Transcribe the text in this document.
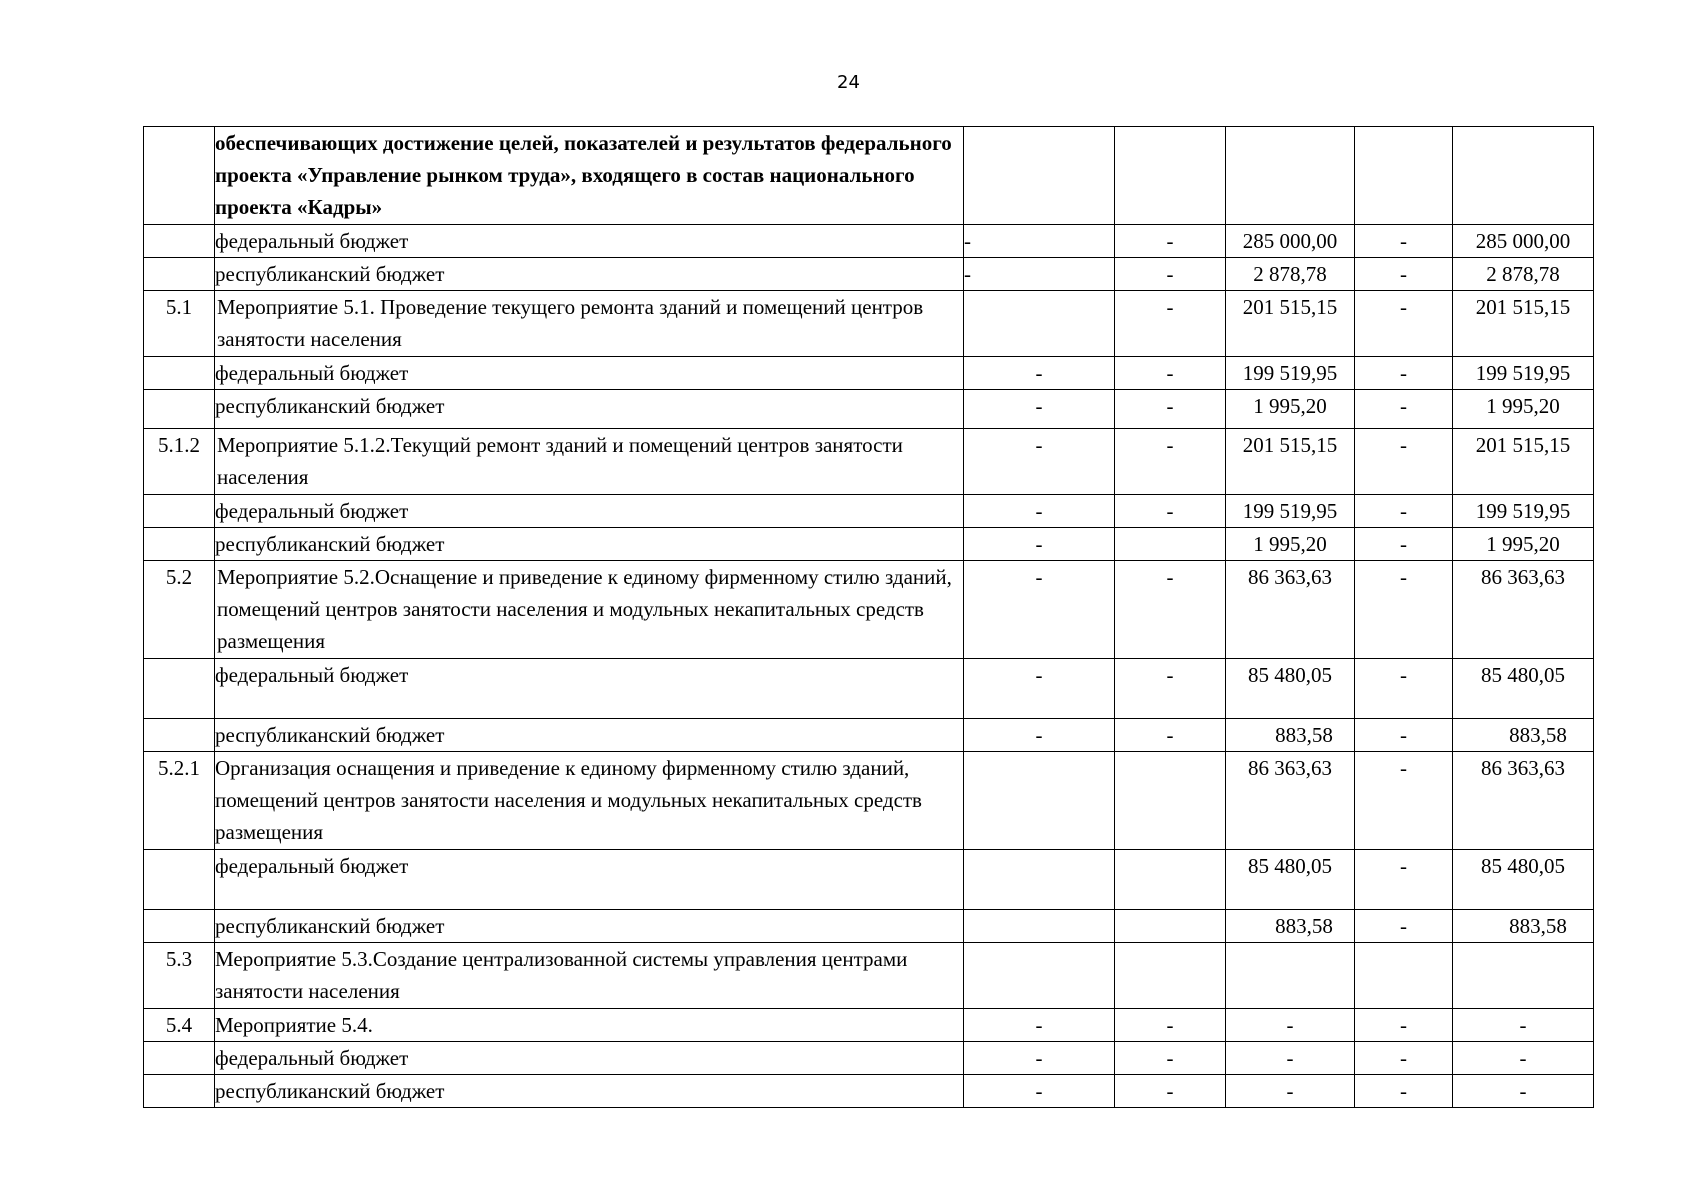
24
	обеспечивающих достижение целей, показателей и результатов федерального проекта «Управление рынком труда», входящего в состав национального проекта «Кадры»					
	федеральный бюджет	-	-	285 000,00	-	285 000,00
	республиканский бюджет	-	-	2 878,78	-	2 878,78
5.1	Мероприятие 5.1. Проведение текущего ремонта зданий и помещений центров занятости населения		-	201 515,15	-	201 515,15
	федеральный бюджет	-	-	199 519,95	-	199 519,95
	республиканский бюджет	-	-	1 995,20	-	1 995,20
5.1.2	Мероприятие 5.1.2.Текущий ремонт зданий и помещений центров занятости населения	-	-	201 515,15	-	201 515,15
	федеральный бюджет	-	-	199 519,95	-	199 519,95
	республиканский бюджет	-		1 995,20	-	1 995,20
5.2	Мероприятие 5.2.Оснащение и приведение к единому фирменному стилю зданий, помещений центров занятости населения и модульных некапитальных средств размещения	-	-	86 363,63	-	86 363,63
	федеральный бюджет	-	-	85 480,05	-	85 480,05
	республиканский бюджет	-	-	883,58	-	883,58
5.2.1	Организация оснащения и приведение к единому фирменному стилю зданий, помещений центров занятости населения и модульных некапитальных средств размещения			86 363,63	-	86 363,63
	федеральный бюджет			85 480,05	-	85 480,05
	республиканский бюджет			883,58	-	883,58
5.3	Мероприятие 5.3.Создание централизованной системы управления центрами занятости населения					
5.4	Мероприятие 5.4.	-	-	-	-	-
	федеральный бюджет	-	-	-	-	-
	республиканский бюджет	-	-	-	-	-
